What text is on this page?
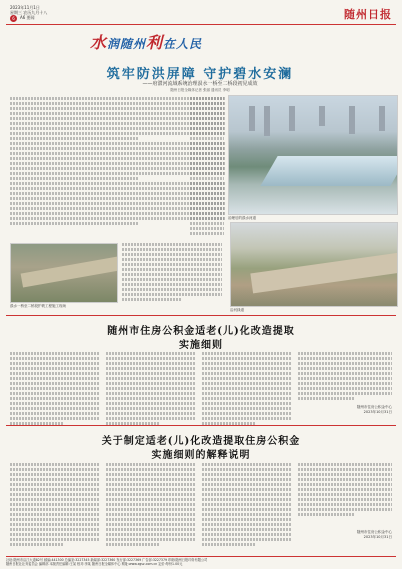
2023年11月1日
星期三 农历九月十八
6	A6 要闻	随州日报
水润随州利在人民
筑牢防洪屏障 守护碧水安澜
——府澴河流域系统治理涢水一桥至二桥段初见成效
随州日报全媒体记者 张丽 通讯员 李明
治理后的涢水河道
沿河绿道
涢水一桥至二桥段护坡工程施工现场
随州市住房公积金适老(儿)化改造提取
实施细则
随州市住房公积金中心
2023年10月31日
关于制定适老(儿)化改造提取住房公积金
实施细则的解释说明
随州市住房公积金中心
2023年10月31日
社址:随州市沿江大道82号 邮编:441300 总编室:3227345 新闻部:3227360 发行部:3227369 广告部:3227379 印刷:随州日报印务有限公司
随州日报社社务委员会 编辑部 本版责任编辑:王某 校对:李某 随州日报全媒体中心 网址:www.zgsz.com.cn 定价:每份1.00元
